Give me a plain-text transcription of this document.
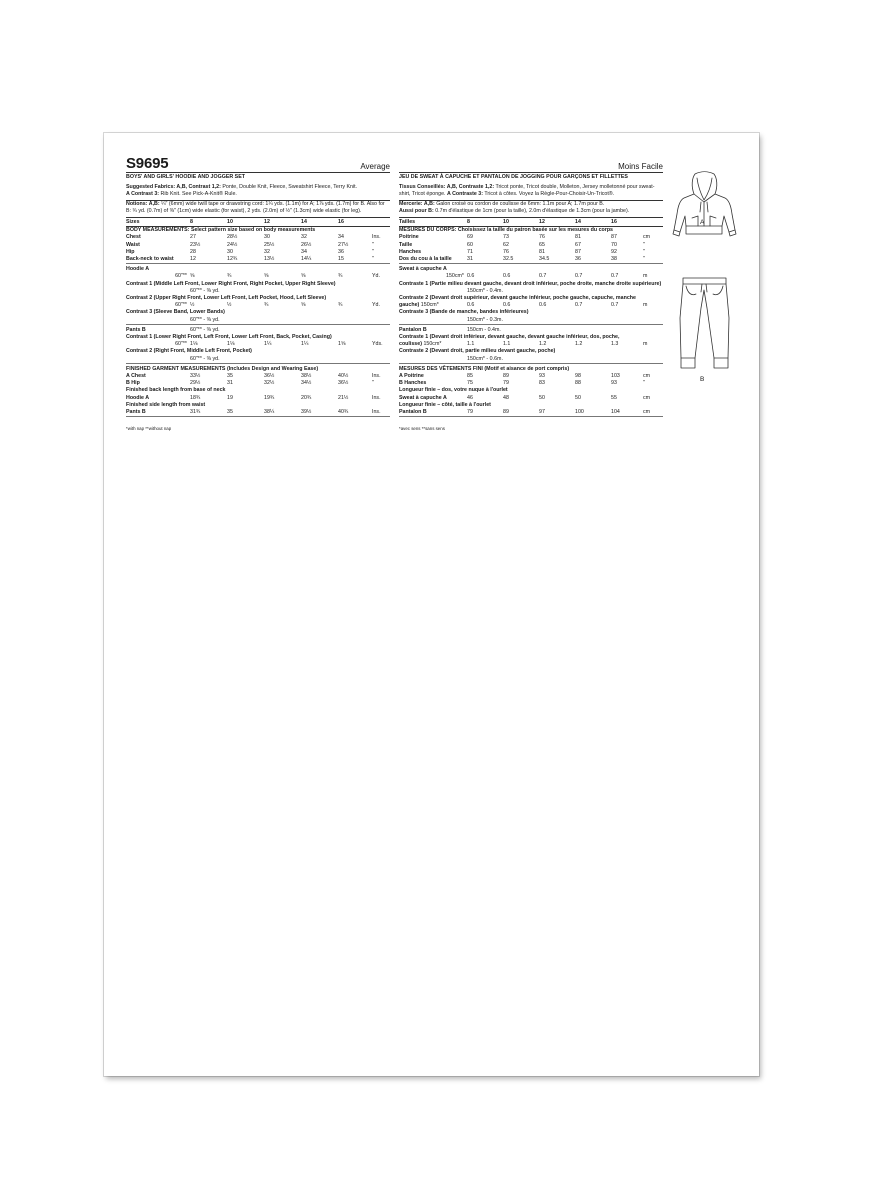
S9695	Average
BOYS' AND GIRLS' HOODIE AND JOGGER SET
Suggested Fabrics: A,B, Contrast 1,2: Ponte, Double Knit, Fleece, Sweatshirt Fleece, Terry Knit.
A Contrast 3: Rib Knit. See Pick-A-Knit® Rule.
Notions: A,B: ¼" (6mm) wide twill tape or drawstring cord: 1¼ yds. (1.1m) for A; 1⅞ yds. (1.7m) for B. Also for B: ¾ yd. (0.7m) of ⅜" (1cm) wide elastic (for waist), 2 yds. (2.0m) of ½" (1.3cm) wide elastic (for leg).
Sizes	8	10	12	14	16	
BODY MEASUREMENTS: Select pattern size based on body measurements						
Chest	27	28½	30	32	34	Ins.
Waist	23½	24½	25½	26½	27½	"
Hip	28	30	32	34	36	"
Back-neck to waist	12	12¾	13½	14¼	15	"

Hoodie A						
60"**	⅝	¾	⅝	⅝	¾	Yd.
Contrast 1 (Middle Left Front, Lower Right Front, Right Pocket, Upper Right Sleeve)						
	60"** - ⅜ yd.					
Contrast 2 (Upper Right Front, Lower Left Front, Left Pocket, Hood, Left Sleeve)						
60"**	½	½	¾	⅝	¾	Yd.
Contrast 3 (Sleeve Band, Lower Bands)						
	60"** - ⅜ yd.					

Pants B	60"** - ⅜ yd.					
Contrast 1 (Lower Right Front, Left Front, Lower Left Front, Back, Pocket, Casing)						
60"**	1⅛	1⅛	1¼	1¼	1⅝	Yds.
Contrast 2 (Right Front, Middle Left Front, Pocket)						
	60"** - ⅜ yd.					

FINISHED GARMENT MEASUREMENTS (Includes Design and Wearing Ease)						
A Chest	33½	35	36½	38½	40½	Ins.
B Hip	29½	31	32½	34½	36½	"
Finished back length from base of neck						
Hoodie A	18¾	19	19¾	20¾	21½	Ins.
Finished side length from waist						
Pants B	31¾	35	38¼	39½	40¾	Ins.

*with nap **without nap
Moins Facile
JEU DE SWEAT À CAPUCHE ET PANTALON DE JOGGING POUR GARÇONS ET FILLETTES
Tissus Conseillés: A,B, Contraste 1,2: Tricot ponte, Tricot double, Molleton, Jersey molletonné pour sweat-shirt, Tricot éponge. A Contraste 3: Tricot à côtes. Voyez la Règle-Pour-Choisir-Un-Tricot®.
Mercerie: A,B: Galon croisé ou cordon de coulisse de 6mm: 1.1m pour A; 1.7m pour B.
Aussi pour B: 0.7m d'élastique de 1cm (pour la taille), 2.0m d'élastique de 1.3cm (pour la jambe).
Tailles	8	10	12	14	16	
MESURES DU CORPS: Choisissez la taille du patron basée sur les mesures du corps						
Poitrine	69	73	76	81	87	cm
Taille	60	62	65	67	70	"
Hanches	71	76	81	87	92	"
Dos du cou à la taille	31	32.5	34.5	36	38	"

Sweat à capuche A						
150cm*	0.6	0.6	0.7	0.7	0.7	m
Contraste 1 (Partie milieu devant gauche, devant droit inférieur, poche droite, manche droite supérieure)						
	150cm* - 0.4m.					
Contraste 2 (Devant droit supérieur, devant gauche inférieur, poche gauche, capuche, manche						
gauche) 150cm*	0.6	0.6	0.6	0.7	0.7	m
Contraste 3 (Bande de manche, bandes inférieures)						
	150cm* - 0.3m.					

Pantalon B	150cm - 0.4m.					
Contraste 1 (Devant droit inférieur, devant gauche, devant gauche inférieur, dos, poche,						
coulisse) 150cm*	1.1	1.1	1.2	1.2	1.3	m
Contraste 2 (Devant droit, partie milieu devant gauche, poche)						
	150cm* - 0.6m.					

MESURES DES VÊTEMENTS FINI (Motif et aisance de port compris)						
A Poitrine	85	89	93	98	103	cm
B Hanches	75	79	83	88	93	"
Longueur finie – dos, votre nuque à l'ourlet						
Sweat à capuche A	46	48	50	50	55	cm
Longueur finie – côté, taille à l'ourlet						
Pantalon B	79	89	97	100	104	cm

*avec sens **sans sens
A
B
